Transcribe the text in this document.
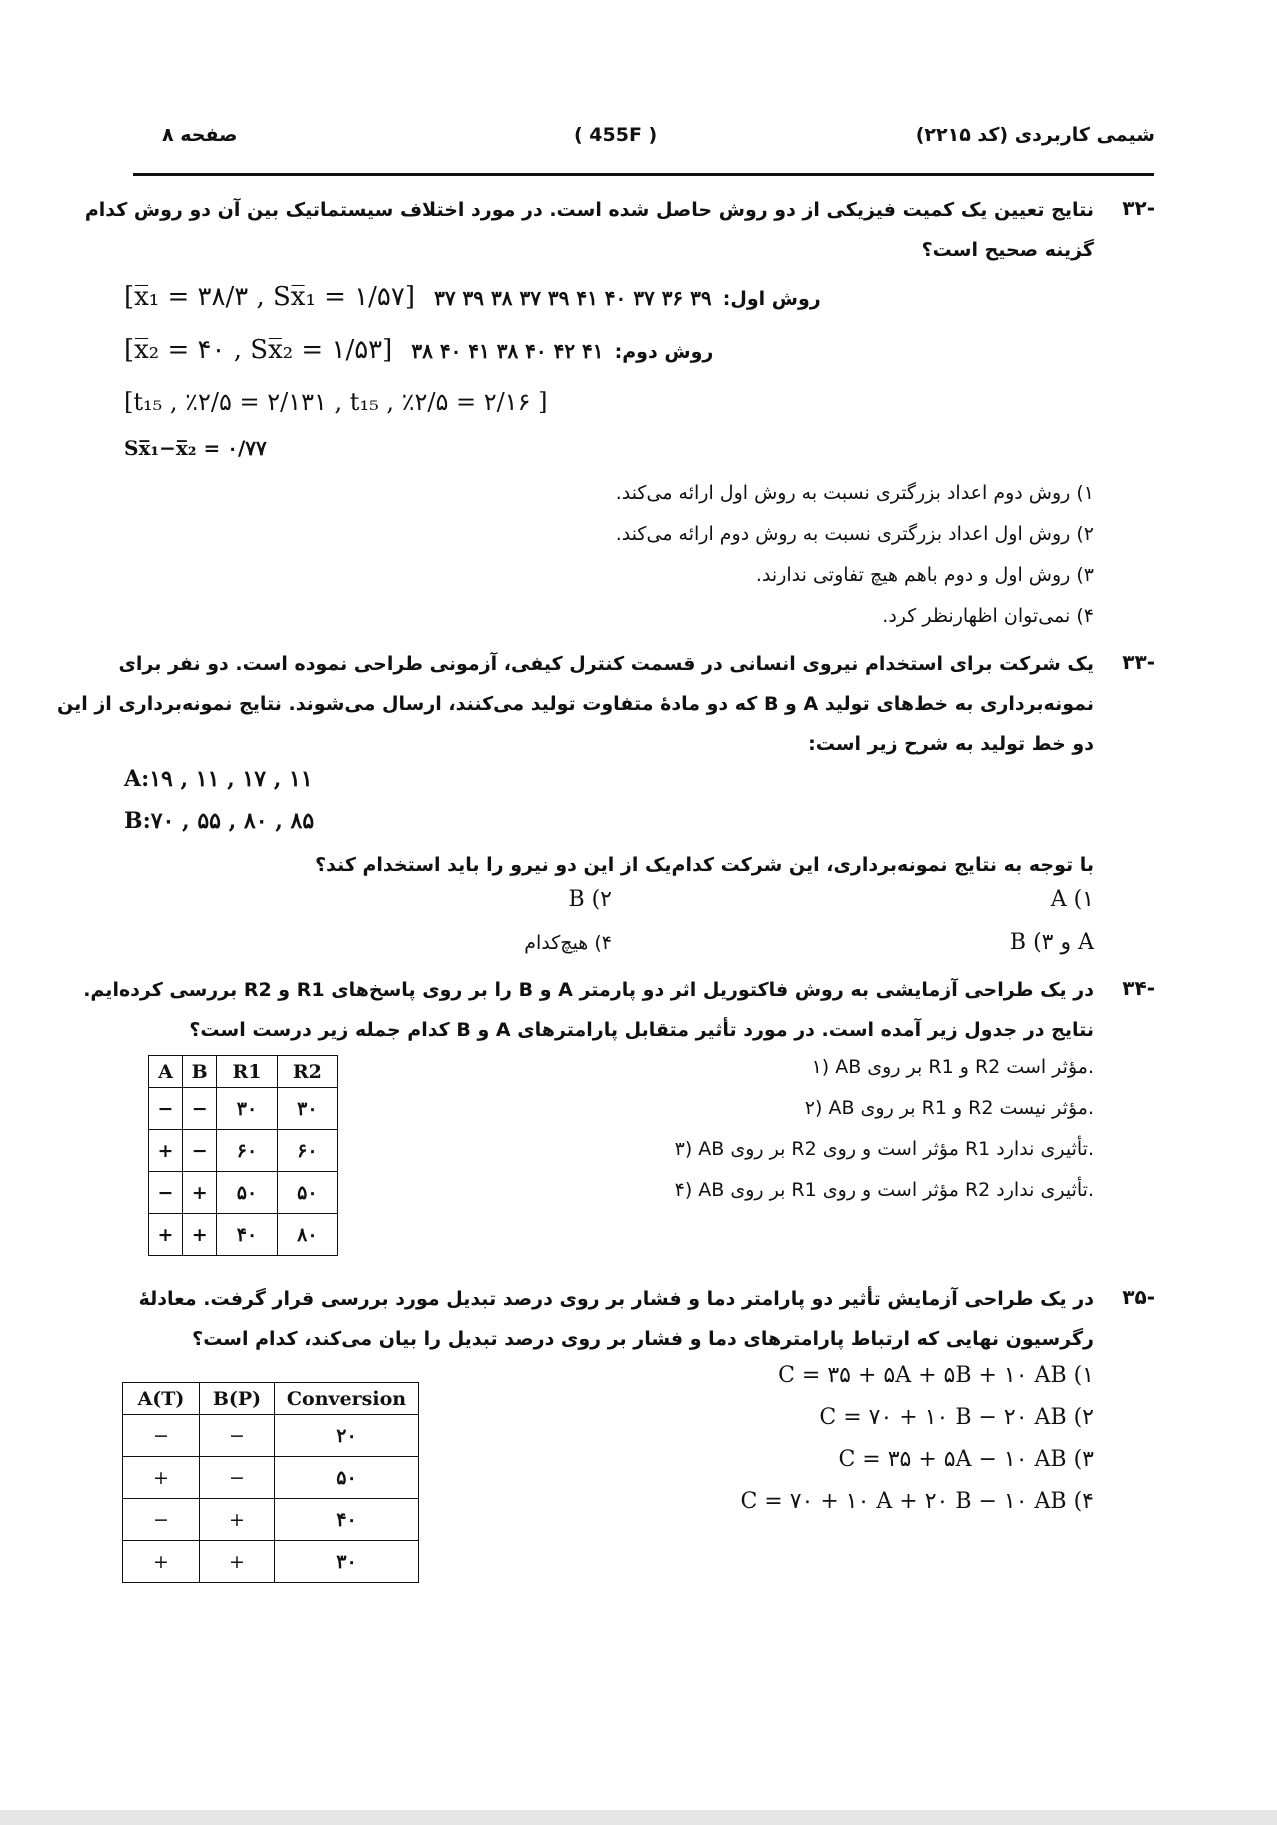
صفحه ۸	( 455F )	شیمی کاربردی (کد ۲۲۱۵)
-۳۲
نتایج تعیین یک کمیت فیزیکی از دو روش حاصل شده است. در مورد اختلاف سیستماتیک بین آن دو روش کدام
گزینه صحیح است؟
[x̅₁ = ۳۸/۳ , Sx̅₁ = ۱/۵۷] ۳۷ ۳۹ ۳۸ ۳۷ ۳۹ ۴۱ ۴۰ ۳۷ ۳۶ ۳۹ :روش اول
[x̅₂ = ۴۰ , Sx̅₂ = ۱/۵۳] ۳۸ ۴۰ ۴۱ ۳۸ ۴۰ ۴۲ ۴۱ :روش دوم
[t₁₅ , ٪۲/۵ = ۲/۱۳۱ , t₁₅ , ٪۲/۵ = ۲/۱۶ ]
Sx̅₁−x̅₂ = ۰/۷۷
۱) روش دوم اعداد بزرگتری نسبت به روش اول ارائه می‌کند.
۲) روش اول اعداد بزرگتری نسبت به روش دوم ارائه می‌کند.
۳) روش اول و دوم باهم هیچ تفاوتی ندارند.
۴) نمی‌توان اظهارنظر کرد.
-۳۳
یک شرکت برای استخدام نیروی انسانی در قسمت کنترل کیفی، آزمونی طراحی نموده است. دو نفر برای
نمونه‌برداری به خط‌های تولید A و B که دو مادهٔ متفاوت تولید می‌کنند، ارسال می‌شوند. نتایج نمونه‌برداری از این
دو خط تولید به شرح زیر است:
A:۱۹ , ۱۱ , ۱۷ , ۱۱
B:۷۰ , ۵۵ , ۸۰ , ۸۵
با توجه به نتایج نمونه‌برداری، این شرکت کدام‌یک از این دو نیرو را باید استخدام کند؟
A (۱
B (۲
A و B (۳
۴) هیچ‌کدام
-۳۴
در یک طراحی آزمایشی به روش فاکتوریل اثر دو پارمتر A و B را بر روی پاسخ‌های R1 و R2 بررسی کرده‌ایم.
نتایج در جدول زیر آمده است. در مورد تأثیر متقابل پارامترهای A و B کدام جمله زیر درست است؟
A	B	R1	R2
−	−	۳۰	۳۰
+	−	۶۰	۶۰
−	+	۵۰	۵۰
+	+	۴۰	۸۰
۱) AB بر روی R1 و R2 مؤثر است.
۲) AB بر روی R1 و R2 مؤثر نیست.
۳) AB بر روی R2 مؤثر است و روی R1 تأثیری ندارد.
۴) AB بر روی R1 مؤثر است و روی R2 تأثیری ندارد.
-۳۵
در یک طراحی آزمایش تأثیر دو پارامتر دما و فشار بر روی درصد تبدیل مورد بررسی قرار گرفت. معادلهٔ
رگرسیون نهایی که ارتباط پارامترهای دما و فشار بر روی درصد تبدیل را بیان می‌کند، کدام است؟
A(T)	B(P)	Conversion
−	−	۲۰
+	−	۵۰
−	+	۴۰
+	+	۳۰
C = ۳۵ + ۵A + ۵B + ۱۰ AB (۱
C = ۷۰ + ۱۰ B − ۲۰ AB (۲
C = ۳۵ + ۵A − ۱۰ AB (۳
C = ۷۰ + ۱۰ A + ۲۰ B − ۱۰ AB (۴
